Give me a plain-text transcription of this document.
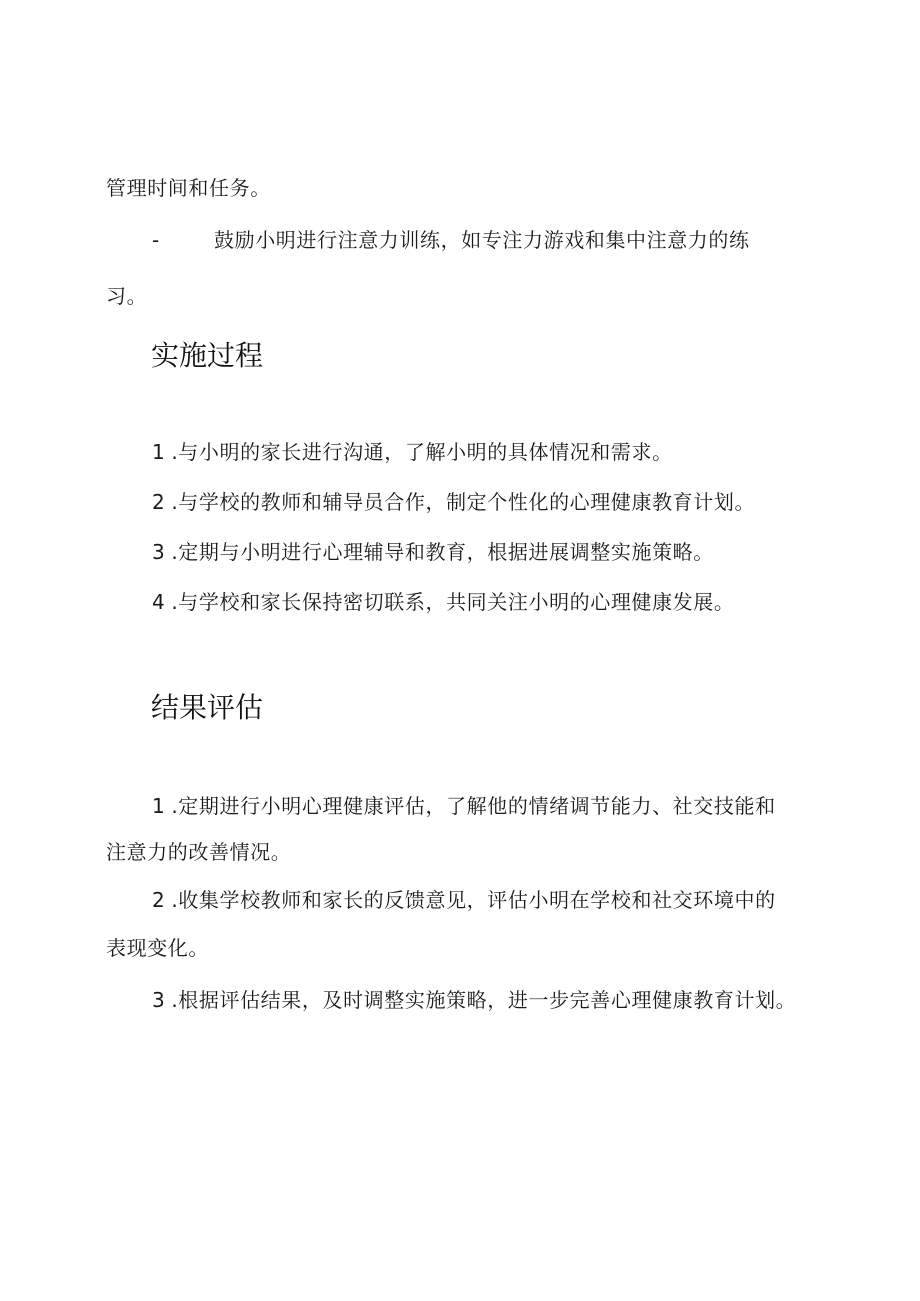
管理时间和任务。
-	鼓励小明进行注意力训练，如专注力游戏和集中注意力的练
习。
实施过程
1 .与小明的家长进行沟通，了解小明的具体情况和需求。
2 .与学校的教师和辅导员合作，制定个性化的心理健康教育计划。
3 .定期与小明进行心理辅导和教育，根据进展调整实施策略。
4 .与学校和家长保持密切联系，共同关注小明的心理健康发展。
结果评估
1 .定期进行小明心理健康评估，了解他的情绪调节能力、社交技能和
注意力的改善情况。
2 .收集学校教师和家长的反馈意见，评估小明在学校和社交环境中的
表现变化。
3 .根据评估结果，及时调整实施策略，进一步完善心理健康教育计划。
